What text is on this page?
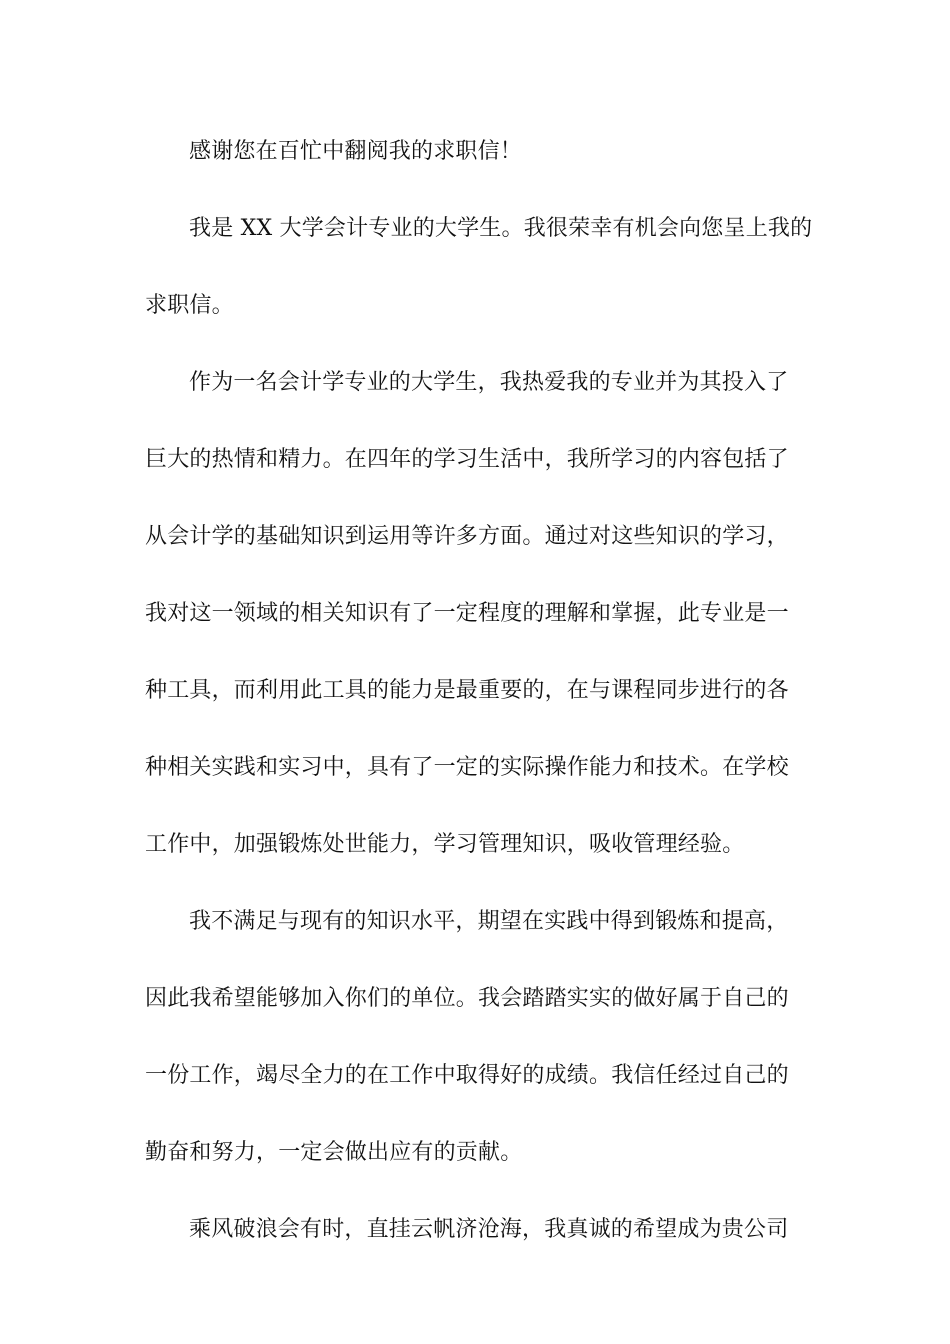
感谢您在百忙中翻阅我的求职信！
我是 XX 大学会计专业的大学生。我很荣幸有机会向您呈上我的
求职信。
作为一名会计学专业的大学生，我热爱我的专业并为其投入了
巨大的热情和精力。在四年的学习生活中，我所学习的内容包括了
从会计学的基础知识到运用等许多方面。通过对这些知识的学习，
我对这一领域的相关知识有了一定程度的理解和掌握，此专业是一
种工具，而利用此工具的能力是最重要的，在与课程同步进行的各
种相关实践和实习中，具有了一定的实际操作能力和技术。在学校
工作中，加强锻炼处世能力，学习管理知识，吸收管理经验。
我不满足与现有的知识水平，期望在实践中得到锻炼和提高，
因此我希望能够加入你们的单位。我会踏踏实实的做好属于自己的
一份工作，竭尽全力的在工作中取得好的成绩。我信任经过自己的
勤奋和努力，一定会做出应有的贡献。
乘风破浪会有时，直挂云帆济沧海，我真诚的希望成为贵公司
